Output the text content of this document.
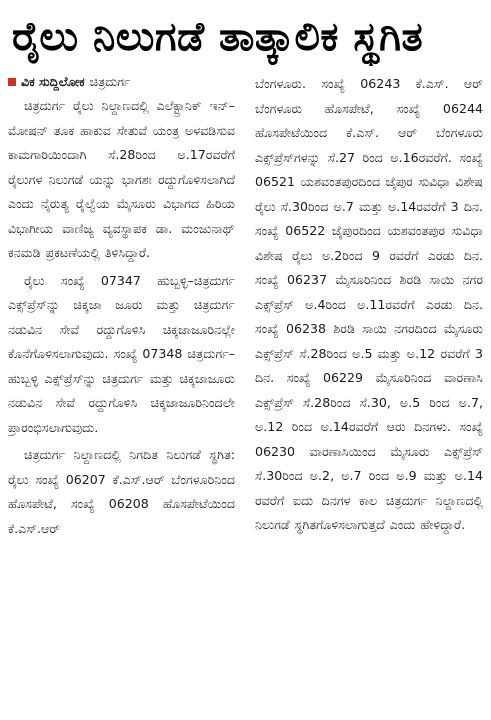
ರೈಲು ನಿಲುಗಡೆ ತಾತ್ಕಾಲಿಕ ಸ್ಥಗಿತ
ವಿಕ ಸುದ್ದಿಲೋಕ ಚಿತ್ರದುರ್ಗ

ಚಿತ್ರದುರ್ಗ ರೈಲು ನಿಲ್ದಾಣದಲ್ಲಿ ಎಲೆಕ್ಟ್ರಾನಿಕ್ ಇನ್–ಮೋಷನ್ ತೂಕ ಹಾಕುವ ಸೇತುವೆ ಯಂತ್ರ ಅಳವಡಿಸುವ ಕಾಮಗಾರಿಯಿಂದಾಗಿ ಸೆ.28ರಿಂದ ಅ.17ರವರೆಗೆ ರೈಲುಗಳ ನಿಲುಗಡೆ ಯನ್ನು ಭಾಗಶಃ ರದ್ದುಗೊಳಿಸಲಾಗಿದೆ ಎಂದು ನೈರುತ್ಯ ರೈಲ್ವೆಯ ಮೈಸೂರು ವಿಭಾಗದ ಹಿರಿಯ ವಿಭಾಗೀಯ ವಾಣಿಜ್ಯ ವ್ಯವಸ್ಥಾಪಕ ಡಾ. ಮಂಜುನಾಥ್ ಕನಮಡಿ ಪ್ರಕಟಣೆಯಲ್ಲಿ ತಿಳಿಸಿದ್ದಾರೆ.

ರೈಲು ಸಂಖ್ಯೆ 07347 ಹುಬ್ಬಳ್ಳಿ–ಚಿತ್ರದುರ್ಗ ಎಕ್ಸ್‌ಪ್ರೆಸ್‌ನ್ನು ಚಿಕ್ಕಜಾ ಜೂರು ಮತ್ತು ಚಿತ್ರದುರ್ಗ ನಡುವಿನ ಸೇವೆ ರದ್ದುಗೊಳಿಸಿ ಚಿಕ್ಕಜಾಜೂರಿನಲ್ಲೇ ಕೊನೆಗೊಳಿಸಲಾಗುವುದು. ಸಂಖ್ಯೆ 07348 ಚಿತ್ರದುರ್ಗ–ಹುಬ್ಬಳ್ಳಿ ಎಕ್ಸ್‌ಪ್ರೆಸ್‌ನ್ನು ಚಿತ್ರದುರ್ಗ ಮತ್ತು ಚಿಕ್ಕಜಾಜೂರು ನಡುವಿನ ಸೇವೆ ರದ್ದುಗೊಳಿಸಿ ಚಿಕ್ಕಜಾಜೂರಿನಿಂದಲೇ ಪ್ರಾರಂಭಿಸಲಾಗುವುದು.

ಚಿತ್ರದುರ್ಗ ನಿಲ್ದಾಣದಲ್ಲಿ ನಿಗದಿತ ನಿಲುಗಡೆ ಸ್ಥಗಿತ: ರೈಲು ಸಂಖ್ಯೆ 06207 ಕೆ.ಎಸ್.ಆರ್ ಬೆಂಗಳೂರಿನಿಂದ ಹೊಸಪೇಟೆ, ಸಂಖ್ಯೆ 06208 ಹೊಸಪೇಟೆಯಿಂದ ಕೆ.ಎಸ್.ಆರ್

ಬೆಂಗಳೂರು. ಸಂಖ್ಯೆ 06243 ಕೆ.ಎಸ್. ಆರ್ ಬೆಂಗಳೂರು ಹೊಸಪೇಟೆ, ಸಂಖ್ಯೆ 06244 ಹೊಸಪೇಟೆಯಿಂದ ಕೆ.ಎಸ್. ಆರ್ ಬೆಂಗಳೂರು ಎಕ್ಸ್‌ಪ್ರೆಸ್‌ಗಳನ್ನು ಸೆ.27 ರಿಂದ ಅ.16ರವರೆಗೆ. ಸಂಖ್ಯೆ 06521 ಯಶವಂತಪುರದಿಂದ ಜೈಪುರ ಸುವಿಧಾ ವಿಶೇಷ ರೈಲು ಸೆ.30ರಿಂದ ಅ.7 ಮತ್ತು ಅ.14ರವರೆಗೆ 3 ದಿನ. ಸಂಖ್ಯೆ 06522 ಜೈಪುರದಿಂದ ಯಶವಂತಪುರ ಸುವಿಧಾ ವಿಶೇಷ ರೈಲು ಅ.2ರಿಂದ 9 ರವರೆಗೆ ಎರಡು ದಿನ. ಸಂಖ್ಯೆ 06237 ಮೈಸೂರಿನಿಂದ ಶಿರಡಿ ಸಾಯಿ ನಗರ ಎಕ್ಸ್‌ಪ್ರೆಸ್ ಅ.4ರಿಂದ ಅ.11ರವರೆಗೆ ಎರಡು ದಿನ. ಸಂಖ್ಯೆ 06238 ಶಿರಡಿ ಸಾಯಿ ನಗರದಿಂದ ಮೈಸೂರು ಎಕ್ಸ್‌ಪ್ರೆಸ್ ಸೆ.28ರಿಂದ ಅ.5 ಮತ್ತು ಅ.12 ರವರೆಗೆ 3 ದಿನ. ಸಂಖ್ಯೆ 06229 ಮೈಸೂರಿನಿಂದ ವಾರಣಾಸಿ ಎಕ್ಸ್‌ಪ್ರೆಸ್ ಸೆ.28ರಿಂದ ಸೆ.30, ಅ.5 ರಿಂದ ಅ.7, ಅ.12 ರಿಂದ ಅ.14ರವರೆಗೆ ಆರು ದಿನಗಳು. ಸಂಖ್ಯೆ 06230 ವಾರಣಾಸಿಯಿಂದ ಮೈಸೂರು ಎಕ್ಸ್‌ಪ್ರೆಸ್ ಸೆ.30ರಿಂದ ಅ.2, ಅ.7 ರಿಂದ ಅ.9 ಮತ್ತು ಅ.14 ರವರೆಗೆ ಐದು ದಿನಗಳ ಕಾಲ ಚಿತ್ರದುರ್ಗ ನಿಲ್ದಾಣದಲ್ಲಿ ನಿಲುಗಡೆ ಸ್ಥಗಿತಗೊಳಿಸಲಾಗುತ್ತದೆ ಎಂದು ಹೇಳಿದ್ದಾರೆ.
